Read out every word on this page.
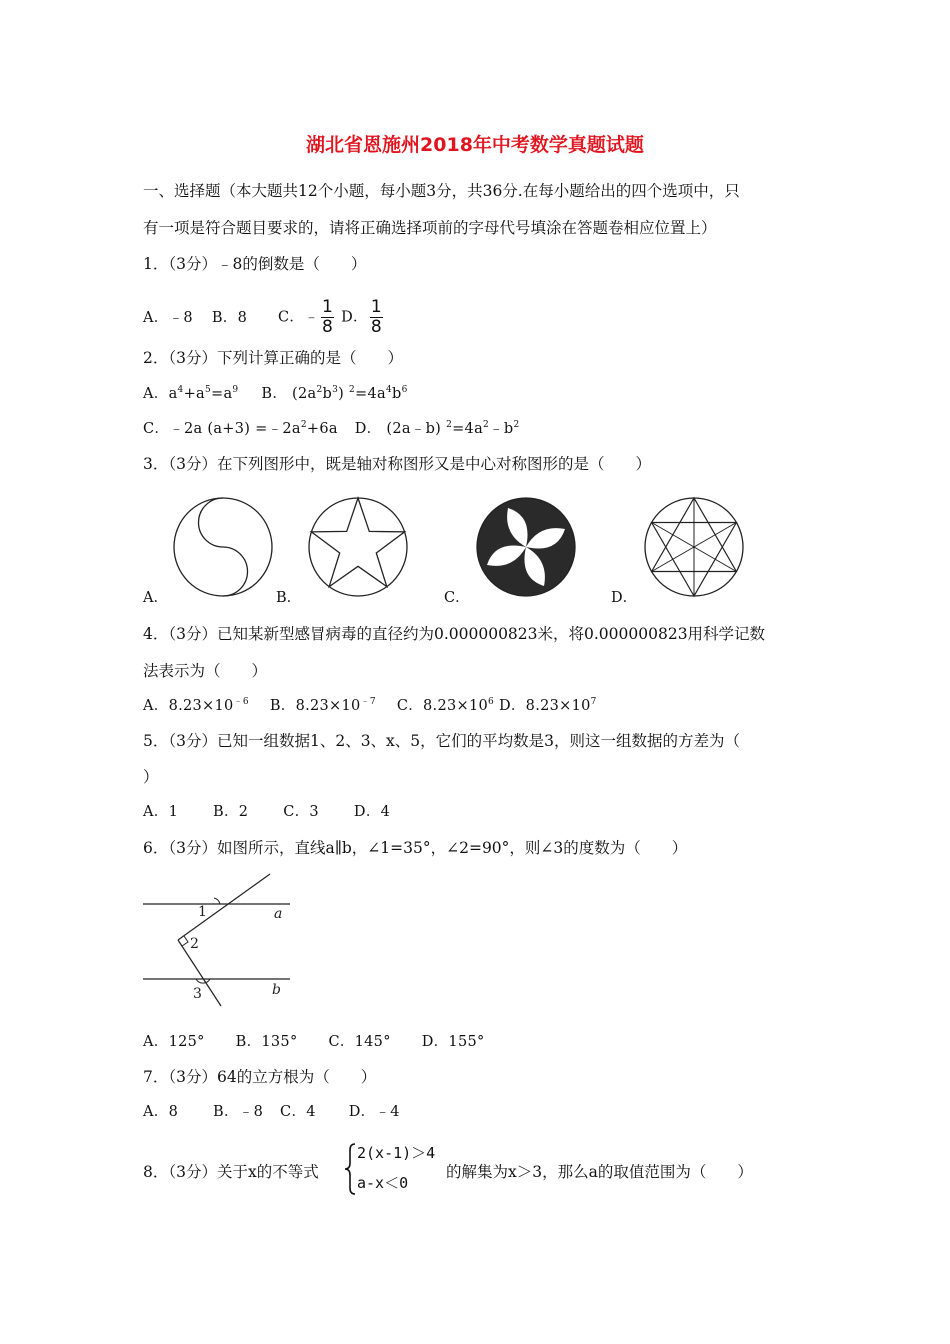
湖北省恩施州2018年中考数学真题试题
一、选择题（本大题共12个小题，每小题3分，共36分.在每小题给出的四个选项中，只
有一项是符合题目要求的，请将正确选择项前的字母代号填涂在答题卷相应位置上）
1．（3分）﹣8的倒数是（　　）
A．﹣8 B．8 C．﹣ $\frac{1}{8}$ D． $\frac{1}{8}$
2．（3分）下列计算正确的是（　　）
A．$a^4+a^5=a^9$ B． $(2a^2b^3)$ $^2=4a^4b^6$
C．﹣2a $(a+3) =﹣2a^2+6a$ D． (2a﹣b) $^2=4a^2﹣b^2$
3．（3分）在下列图形中，既是轴对称图形又是中心对称图形的是（　　）
A．	B．	C．	D．
4．（3分）已知某新型感冒病毒的直径约为0.000000823米，将0.000000823用科学记数
法表示为（　　）
A．$8.23\times 10^{﹣6}$ B．$8.23\times 10^{﹣7}$ C．$8.23\times 10^6$ D．$8.23\times 10^7$
5．（3分）已知一组数据1、2、3、x、5，它们的平均数是3，则这一组数据的方差为（
）
A．1 B．2 C．3 D．4
6．（3分）如图所示，直线a∥b，∠1=35°，∠2=90°，则∠3的度数为（　　）
1
2
3
a
b
A．125° B．135° C．145° D．155°
7．（3分）64的立方根为（　　）
A．8 B．﹣8 C．4 D．﹣4
8．（3分）关于x的不等式
2(x-1)＞4
a-x＜0
的解集为x＞3，那么a的取值范围为（　　）
